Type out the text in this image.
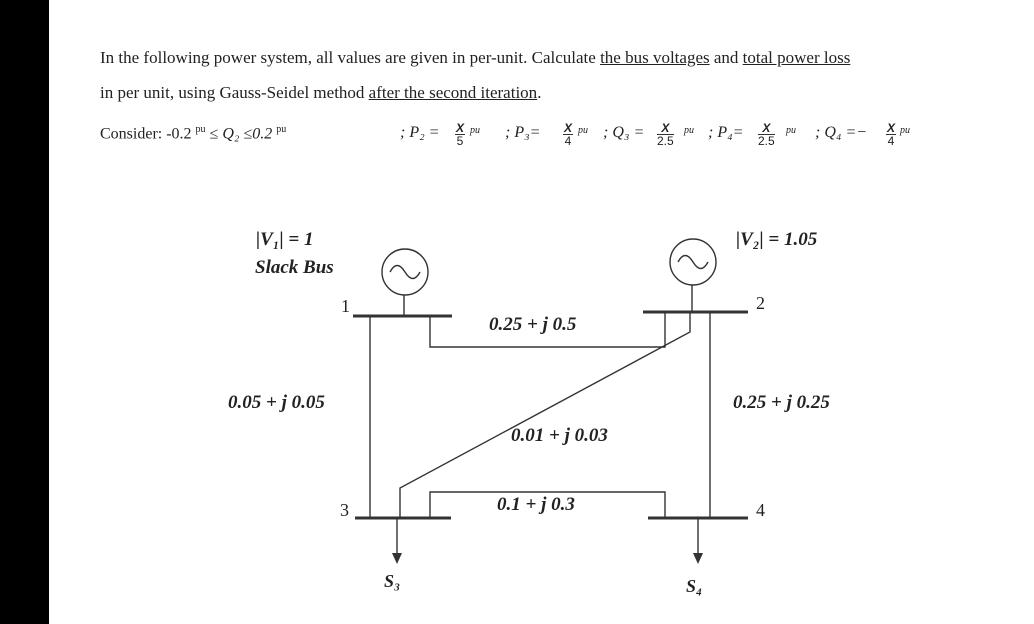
In the following power system, all values are given in per-unit. Calculate the bus voltages and total power loss
in per unit, using Gauss-Seidel method after the second iteration.
Consider: -0.2 $^{pu}$ ≤ Q₂ ≤0.2 $^{pu}$	; $P_2 = \frac{X}{5}$ pu ; $P_3= \frac{X}{4}$ pu ; $Q_3 = \frac{X}{2.5}$ pu ; $P_4= \frac{X}{2.5}$ pu ; $Q_4 =- \frac{X}{4}$ pu
|V₁| = 1
Slack Bus
|V₂| = 1.05
1	2
3	4
0.25 + j 0.5
0.05 + j 0.05	0.25 + j 0.25
0.01 + j 0.03
0.1 + j 0.3
S₃	S₄
